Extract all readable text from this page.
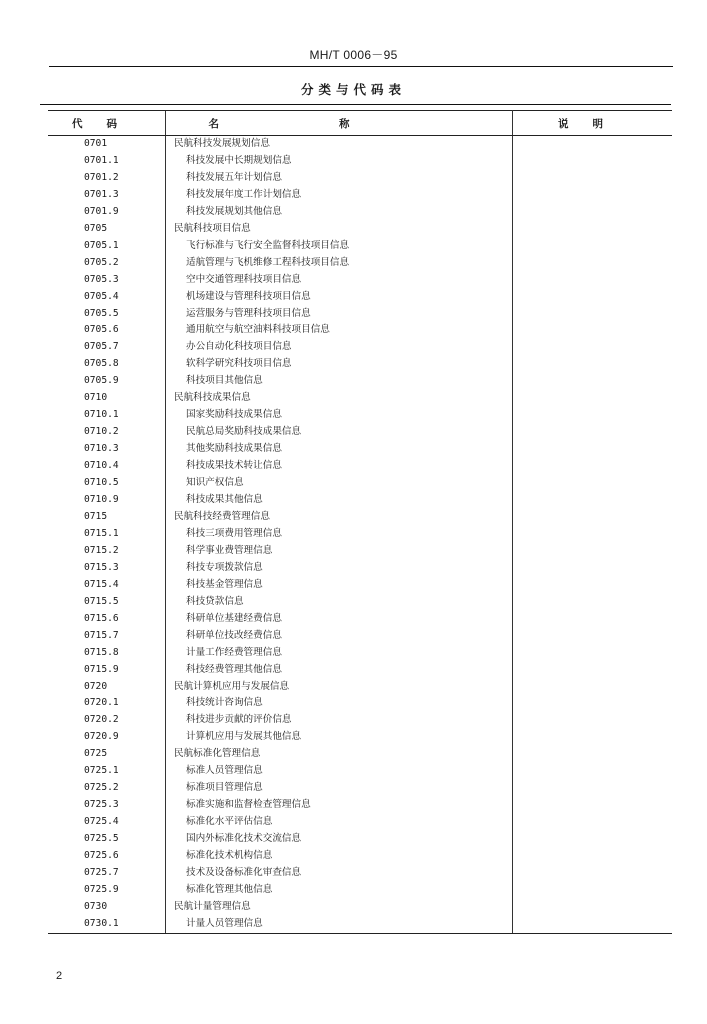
MH/T 0006－95
分类与代码表
代码	名称	说明
0701	民航科技发展规划信息	
0701.1	科技发展中长期规划信息	
0701.2	科技发展五年计划信息	
0701.3	科技发展年度工作计划信息	
0701.9	科技发展规划其他信息	
0705	民航科技项目信息	
0705.1	飞行标准与飞行安全监督科技项目信息	
0705.2	适航管理与飞机维修工程科技项目信息	
0705.3	空中交通管理科技项目信息	
0705.4	机场建设与管理科技项目信息	
0705.5	运营服务与管理科技项目信息	
0705.6	通用航空与航空油料科技项目信息	
0705.7	办公自动化科技项目信息	
0705.8	软科学研究科技项目信息	
0705.9	科技项目其他信息	
0710	民航科技成果信息	
0710.1	国家奖励科技成果信息	
0710.2	民航总局奖励科技成果信息	
0710.3	其他奖励科技成果信息	
0710.4	科技成果技术转让信息	
0710.5	知识产权信息	
0710.9	科技成果其他信息	
0715	民航科技经费管理信息	
0715.1	科技三项费用管理信息	
0715.2	科学事业费管理信息	
0715.3	科技专项拨款信息	
0715.4	科技基金管理信息	
0715.5	科技贷款信息	
0715.6	科研单位基建经费信息	
0715.7	科研单位技改经费信息	
0715.8	计量工作经费管理信息	
0715.9	科技经费管理其他信息	
0720	民航计算机应用与发展信息	
0720.1	科技统计咨询信息	
0720.2	科技进步贡献的评价信息	
0720.9	计算机应用与发展其他信息	
0725	民航标准化管理信息	
0725.1	标准人员管理信息	
0725.2	标准项目管理信息	
0725.3	标准实施和监督检查管理信息	
0725.4	标准化水平评估信息	
0725.5	国内外标准化技术交流信息	
0725.6	标准化技术机构信息	
0725.7	技术及设备标准化审查信息	
0725.9	标准化管理其他信息	
0730	民航计量管理信息	
0730.1	计量人员管理信息	
2
